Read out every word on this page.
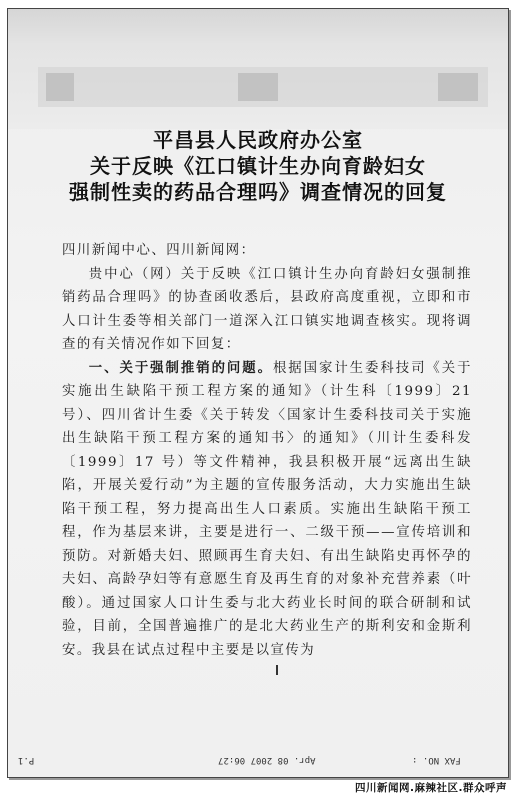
平昌县人民政府办公室
关于反映《江口镇计生办向育龄妇女
强制性卖的药品合理吗》调查情况的回复
四川新闻中心、四川新闻网：
贵中心（网）关于反映《江口镇计生办向育龄妇女强制推销药品合理吗》的协查函收悉后，县政府高度重视，立即和市人口计生委等相关部门一道深入江口镇实地调查核实。现将调查的有关情况作如下回复：
一、关于强制推销的问题。根据国家计生委科技司《关于实施出生缺陷干预工程方案的通知》（计生科〔1999〕21 号）、四川省计生委《关于转发〈国家计生委科技司关于实施出生缺陷干预工程方案的通知书〉的通知》（川计生委科发〔1999〕17 号）等文件精神，我县积极开展“远离出生缺陷，开展关爱行动”为主题的宣传服务活动，大力实施出生缺陷干预工程，努力提高出生人口素质。实施出生缺陷干预工程，作为基层来讲，主要是进行一、二级干预——宣传培训和预防。对新婚夫妇、照顾再生育夫妇、有出生缺陷史再怀孕的夫妇、高龄孕妇等有意愿生育及再生育的对象补充营养素（叶酸）。通过国家人口计生委与北大药业长时间的联合研制和试验，目前，全国普遍推广的是北大药业生产的斯利安和金斯利安。我县在试点过程中主要是以宣传为
FAX NO. :
Apr. 08 2007 06:27
P.1
四川新闻网.麻辣社区.群众呼声
